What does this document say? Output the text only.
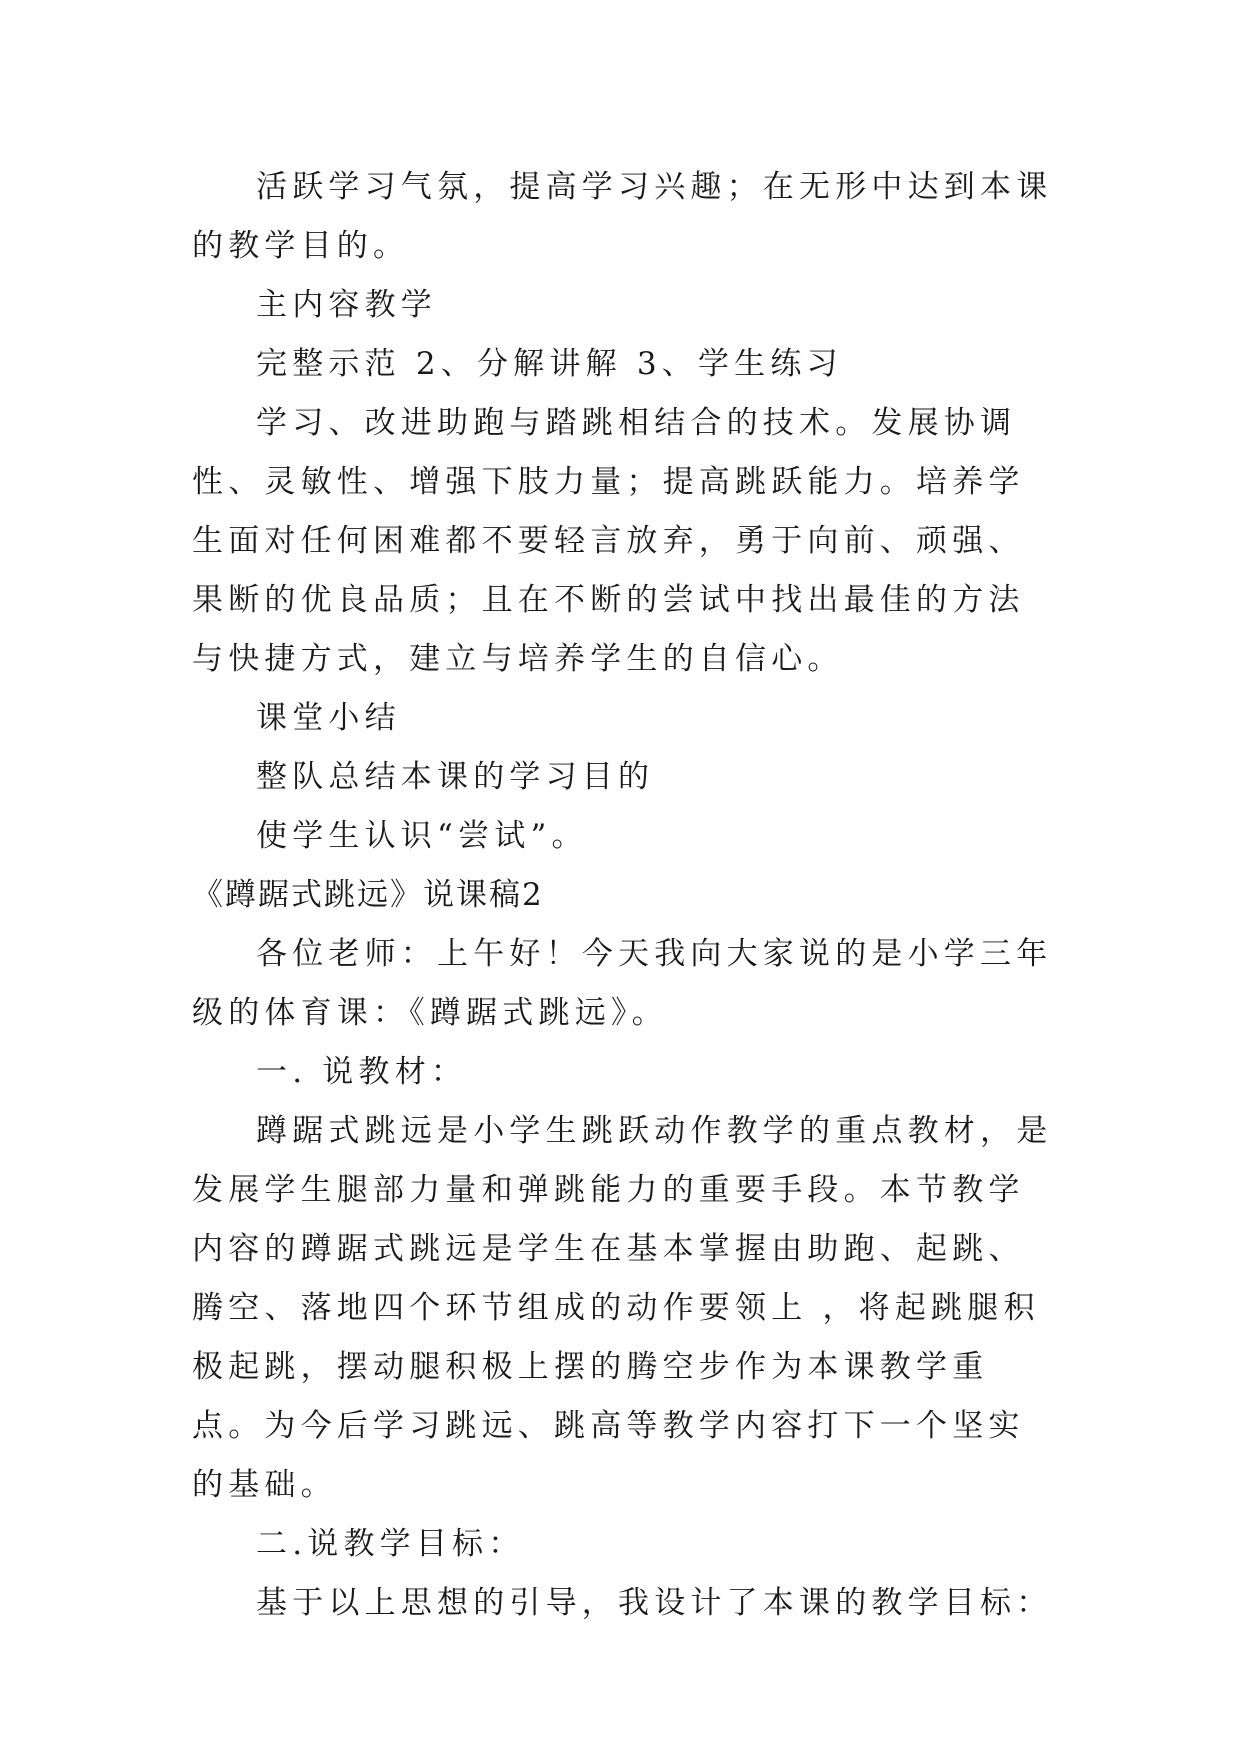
活跃学习气氛，提高学习兴趣；在无形中达到本课的教学目的。

主内容教学

完整示范 2、分解讲解 3、学生练习

学习、改进助跑与踏跳相结合的技术。发展协调性、灵敏性、增强下肢力量；提高跳跃能力。培养学生面对任何困难都不要轻言放弃，勇于向前、顽强、果断的优良品质；且在不断的尝试中找出最佳的方法与快捷方式，建立与培养学生的自信心。

课堂小结

整队总结本课的学习目的

使学生认识“尝试”。

《蹲踞式跳远》说课稿2

各位老师：上午好！今天我向大家说的是小学三年级的体育课：《蹲踞式跳远》。

一. 说教材：

蹲踞式跳远是小学生跳跃动作教学的重点教材，是发展学生腿部力量和弹跳能力的重要手段。本节教学内容的蹲踞式跳远是学生在基本掌握由助跑、起跳、腾空、落地四个环节组成的动作要领上 ，将起跳腿积极起跳，摆动腿积极上摆的腾空步作为本课教学重点。为今后学习跳远、跳高等教学内容打下一个坚实的基础。

二.说教学目标：

基于以上思想的引导，我设计了本课的教学目标：
